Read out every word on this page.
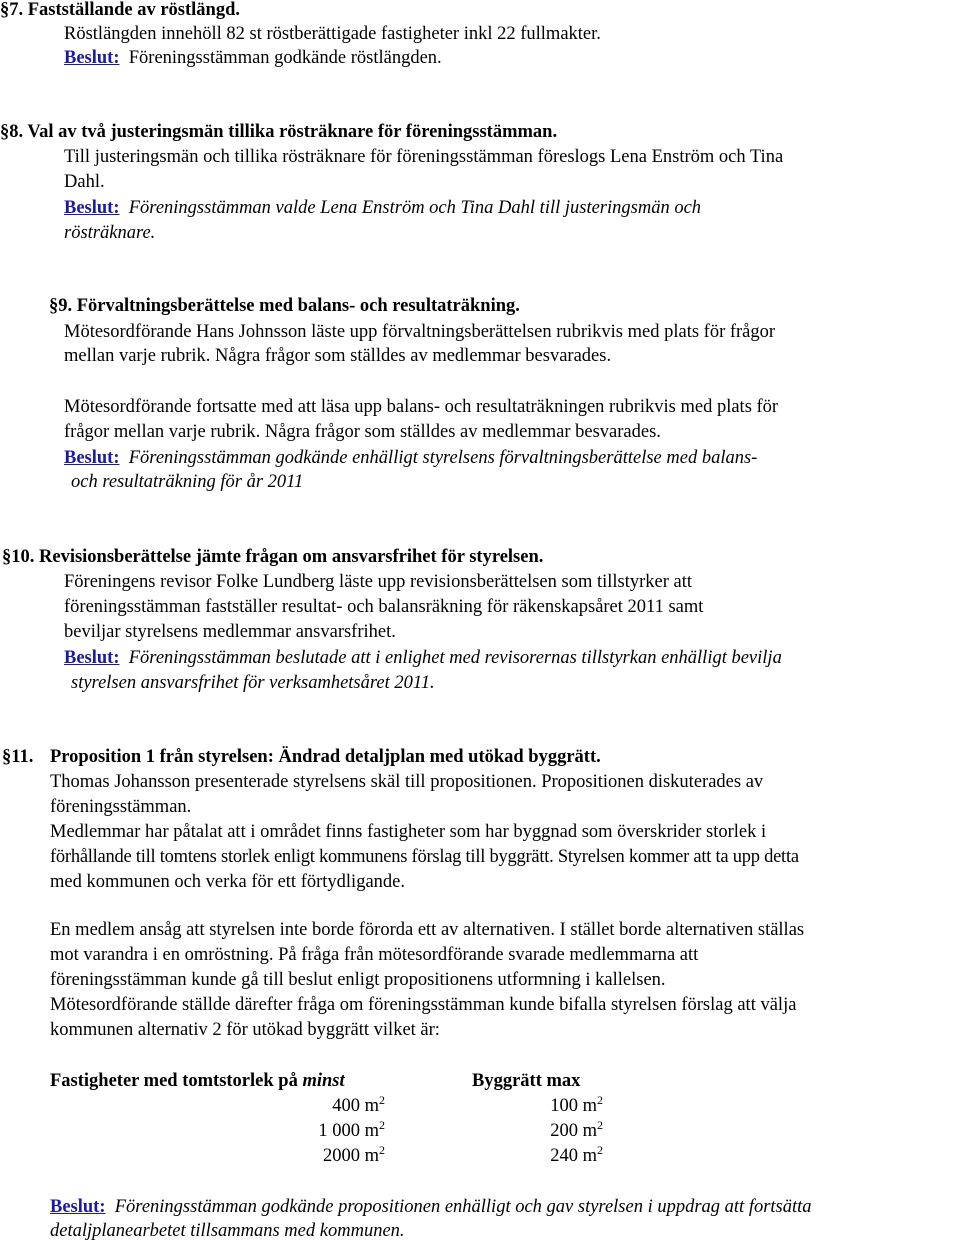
§7. Fastställande av röstlängd.
Röstlängden innehöll 82 st röstberättigade fastigheter inkl 22 fullmakter.
Beslut: Föreningsstämman godkände röstlängden.
§8. Val av två justeringsmän tillika rösträknare för föreningsstämman.
Till justeringsmän och tillika rösträknare för föreningsstämman föreslogs Lena Enström och Tina
Dahl.
Beslut: Föreningsstämman valde Lena Enström och Tina Dahl till justeringsmän och
rösträknare.
§9. Förvaltningsberättelse med balans- och resultaträkning.
Mötesordförande Hans Johnsson läste upp förvaltningsberättelsen rubrikvis med plats för frågor
mellan varje rubrik. Några frågor som ställdes av medlemmar besvarades.
Mötesordförande fortsatte med att läsa upp balans- och resultaträkningen rubrikvis med plats för
frågor mellan varje rubrik. Några frågor som ställdes av medlemmar besvarades.
Beslut: Föreningsstämman godkände enhälligt styrelsens förvaltningsberättelse med balans-
och resultaträkning för år 2011
§10. Revisionsberättelse jämte frågan om ansvarsfrihet för styrelsen.
Föreningens revisor Folke Lundberg läste upp revisionsberättelsen som tillstyrker att
föreningsstämman fastställer resultat- och balansräkning för räkenskapsåret 2011 samt
beviljar styrelsens medlemmar ansvarsfrihet.
Beslut: Föreningsstämman beslutade att i enlighet med revisorernas tillstyrkan enhälligt bevilja
styrelsen ansvarsfrihet för verksamhetsåret 2011.
§11. Proposition 1 från styrelsen: Ändrad detaljplan med utökad byggrätt.
Thomas Johansson presenterade styrelsens skäl till propositionen. Propositionen diskuterades av
föreningsstämman.
Medlemmar har påtalat att i området finns fastigheter som har byggnad som överskrider storlek i
förhållande till tomtens storlek enligt kommunens förslag till byggrätt. Styrelsen kommer att ta upp detta
med kommunen och verka för ett förtydligande.
En medlem ansåg att styrelsen inte borde förorda ett av alternativen. I stället borde alternativen ställas
mot varandra i en omröstning. På fråga från mötesordförande svarade medlemmarna att
föreningsstämman kunde gå till beslut enligt propositionens utformning i kallelsen.
Mötesordförande ställde därefter fråga om föreningsstämman kunde bifalla styrelsen förslag att välja
kommunen alternativ 2 för utökad byggrätt vilket är:
Fastigheter med tomtstorlek på minst	Byggrätt max
400 $m^2$	100 $m^2$
1 000 $m^2$	200 $m^2$
2000 $m^2$	240 $m^2$
Beslut: Föreningsstämman godkände propositionen enhälligt och gav styrelsen i uppdrag att fortsätta
detaljplanearbetet tillsammans med kommunen.
